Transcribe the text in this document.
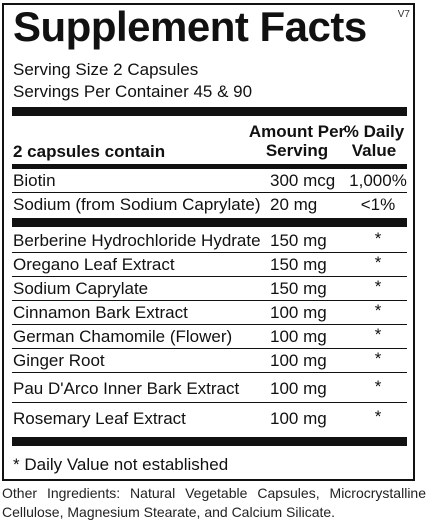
Supplement Facts	V7
Serving Size 2 Capsules
Servings Per Container 45 & 90
2 capsules contain
Amount Per
Serving
% Daily
Value
Biotin	300 mcg 1,000%
Sodium (from Sodium Caprylate) 20 mg	<1%
Berberine Hydrochloride Hydrate 150 mg	*
Oregano Leaf Extract	150 mg	*
Sodium Caprylate	150 mg	*
Cinnamon Bark Extract	100 mg	*
German Chamomile (Flower) 100 mg	*
Ginger Root	100 mg	*
Pau D'Arco Inner Bark Extract 100 mg	*
Rosemary Leaf Extract	100 mg	*
* Daily Value not established
Other Ingredients: Natural Vegetable Capsules, Microcrystalline Cellulose, Magnesium Stearate, and Calcium Silicate.
